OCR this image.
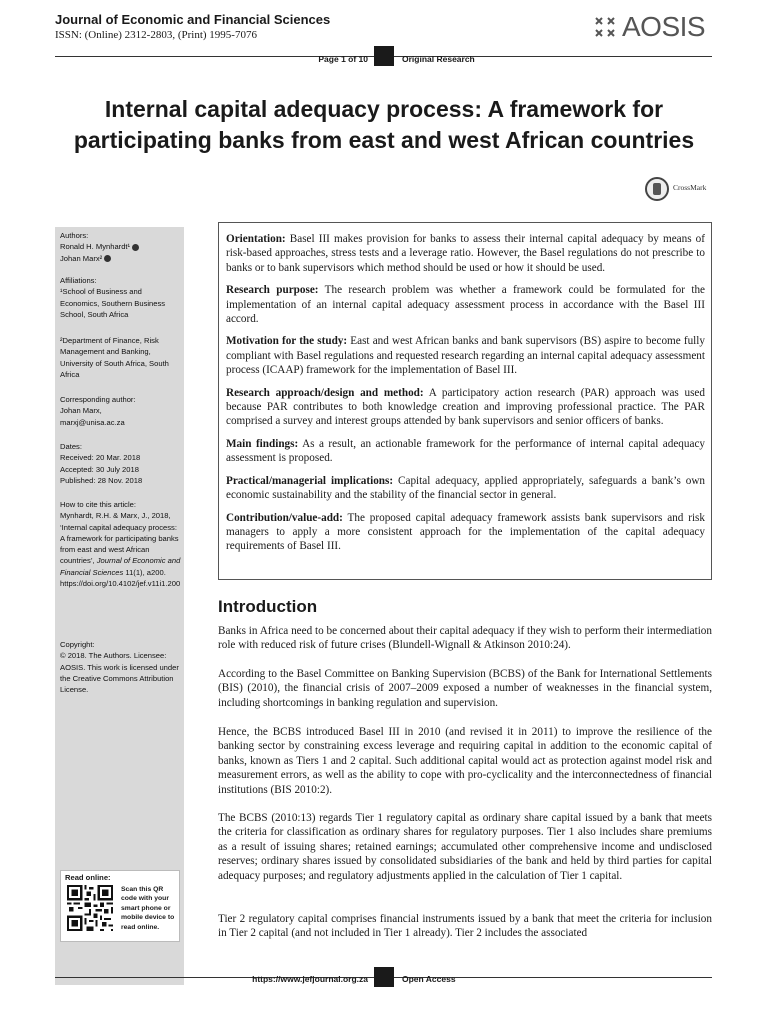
Journal of Economic and Financial Sciences
ISSN: (Online) 2312-2803, (Print) 1995-7076	AOSIS
Page 1 of 10	Original Research
Internal capital adequacy process: A framework for participating banks from east and west African countries
CrossMark
Authors:
Ronald H. Mynhardt¹
Johan Marx²
Affiliations:
¹School of Business and Economics, Southern Business School, South Africa
²Department of Finance, Risk Management and Banking, University of South Africa, South Africa
Corresponding author:
Johan Marx,
marxj@unisa.ac.za
Dates:
Received: 20 Mar. 2018
Accepted: 30 July 2018
Published: 28 Nov. 2018
How to cite this article:
Mynhardt, R.H. & Marx, J., 2018, ‘Internal capital adequacy process: A framework for participating banks from east and west African countries’, Journal of Economic and Financial Sciences 11(1), a200. https://doi.org/10.4102/jef.v11i1.200
Copyright:
© 2018. The Authors. Licensee: AOSIS. This work is licensed under the Creative Commons Attribution License.
Read online:
Scan this QR code with your smart phone or mobile device to read online.

Orientation: Basel III makes provision for banks to assess their internal capital adequacy by means of risk-based approaches, stress tests and a leverage ratio. However, the Basel regulations do not prescribe to banks or to bank supervisors which method should be used or how it should be used.

Research purpose: The research problem was whether a framework could be formulated for the implementation of an internal capital adequacy assessment process in accordance with the Basel III accord.

Motivation for the study: East and west African banks and bank supervisors (BS) aspire to become fully compliant with Basel regulations and requested research regarding an internal capital adequacy assessment process (ICAAP) framework for the implementation of Basel III.

Research approach/design and method: A participatory action research (PAR) approach was used because PAR contributes to both knowledge creation and improving professional practice. The PAR comprised a survey and interest groups attended by bank supervisors and senior officers of banks.

Main findings: As a result, an actionable framework for the performance of internal capital adequacy assessment is proposed.

Practical/managerial implications: Capital adequacy, applied appropriately, safeguards a bank’s own economic sustainability and the stability of the financial sector in general.

Contribution/value-add: The proposed capital adequacy framework assists bank supervisors and risk managers to apply a more consistent approach for the implementation of the capital adequacy requirements of Basel III.

Introduction

Banks in Africa need to be concerned about their capital adequacy if they wish to perform their intermediation role with reduced risk of future crises (Blundell-Wignall & Atkinson 2010:24).

According to the Basel Committee on Banking Supervision (BCBS) of the Bank for International Settlements (BIS) (2010), the financial crisis of 2007–2009 exposed a number of weaknesses in the financial system, including shortcomings in banking regulation and supervision.

Hence, the BCBS introduced Basel III in 2010 (and revised it in 2011) to improve the resilience of the banking sector by constraining excess leverage and requiring capital in addition to the economic capital of banks, known as Tiers 1 and 2 capital. Such additional capital would act as protection against model risk and measurement errors, as well as the ability to cope with pro-cyclicality and the interconnectedness of financial institutions (BIS 2010:2).

The BCBS (2010:13) regards Tier 1 regulatory capital as ordinary share capital issued by a bank that meets the criteria for classification as ordinary shares for regulatory purposes. Tier 1 also includes share premiums as a result of issuing shares; retained earnings; accumulated other comprehensive income and undisclosed reserves; ordinary shares issued by consolidated subsidiaries of the bank and held by third parties for capital adequacy purposes; and regulatory adjustments applied in the calculation of Tier 1 capital.

Tier 2 regulatory capital comprises financial instruments issued by a bank that meet the criteria for inclusion in Tier 2 capital (and not included in Tier 1 already). Tier 2 includes the associated

https://www.jefjournal.org.za	Open Access
